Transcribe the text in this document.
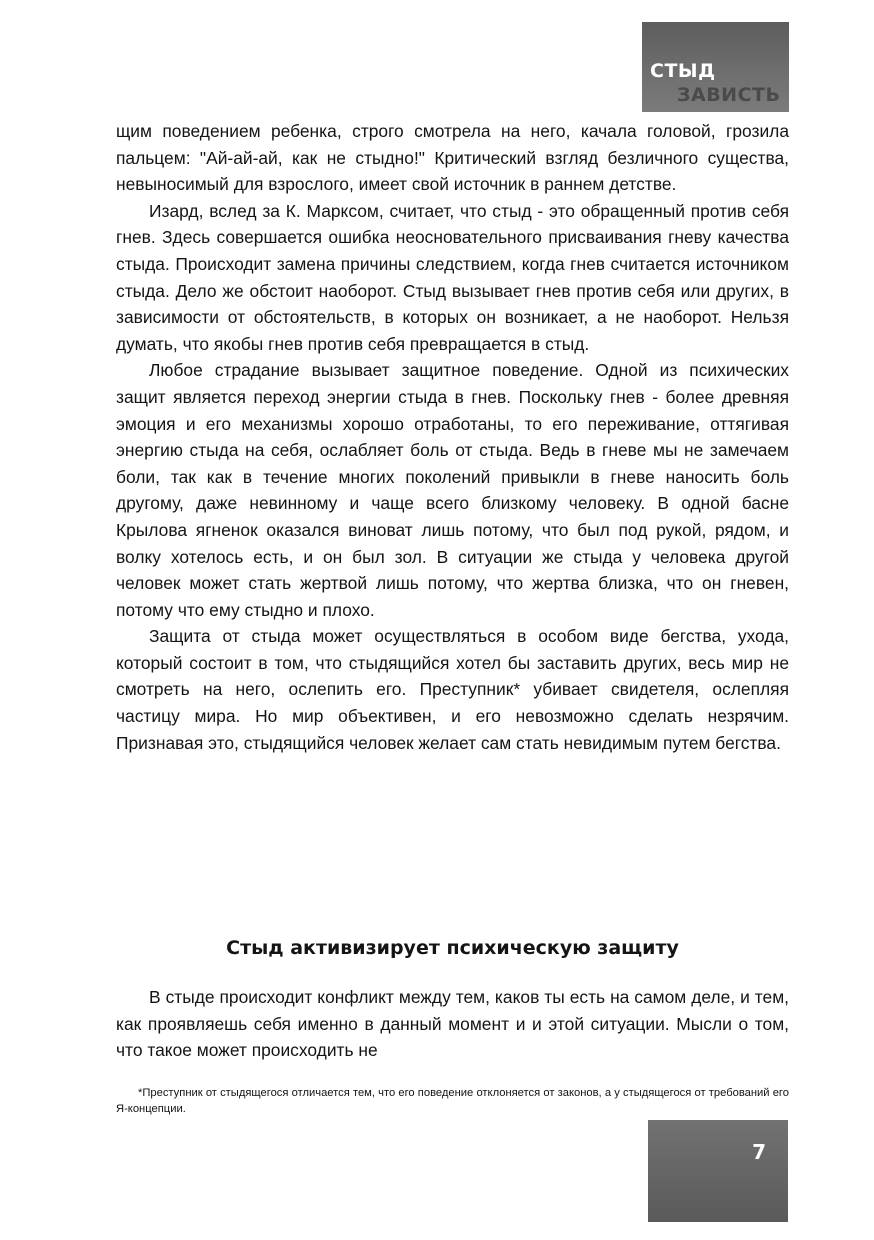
СТЫД
ЗАВИСТЬ

щим поведением ребенка, строго смотрела на него, качала головой, грозила пальцем: "Ай-ай-ай, как не стыдно!" Критический взгляд безличного существа, невыносимый для взрослого, имеет свой источник в раннем детстве.

Изард, вслед за К. Марксом, считает, что стыд - это обращенный против себя гнев. Здесь совершается ошибка неосновательного присваивания гневу качества стыда. Происходит замена причины следствием, когда гнев считается источником стыда. Дело же обстоит наоборот. Стыд вызывает гнев против себя или других, в зависимости от обстоятельств, в которых он возникает, а не наоборот. Нельзя думать, что якобы гнев против себя превращается в стыд.

Любое страдание вызывает защитное поведение. Одной из психических защит является переход энергии стыда в гнев. Поскольку гнев - более древняя эмоция и его механизмы хорошо отработаны, то его переживание, оттягивая энергию стыда на себя, ослабляет боль от стыда. Ведь в гневе мы не замечаем боли, так как в течение многих поколений привыкли в гневе наносить боль другому, даже невинному и чаще всего близкому человеку. В одной басне Крылова ягненок оказался виноват лишь потому, что был под рукой, рядом, и волку хотелось есть, и он был зол. В ситуации же стыда у человека другой человек может стать жертвой лишь потому, что жертва близка, что он гневен, потому что ему стыдно и плохо.

Защита от стыда может осуществляться в особом виде бегства, ухода, который состоит в том, что стыдящийся хотел бы заставить других, весь мир не смотреть на него, ослепить его. Преступник* убивает свидетеля, ослепляя частицу мира. Но мир объективен, и его невозможно сделать незрячим. Признавая это, стыдящийся человек желает сам стать невидимым путем бегства.

Стыд активизирует психическую защиту

В стыде происходит конфликт между тем, каков ты есть на самом деле, и тем, как проявляешь себя именно в данный момент и и этой ситуации. Мысли о том, что такое может происходить не

*Преступник от стыдящегося отличается тем, что его поведение отклоняется от законов, а у стыдящегося от требований его Я-концепции.
7
